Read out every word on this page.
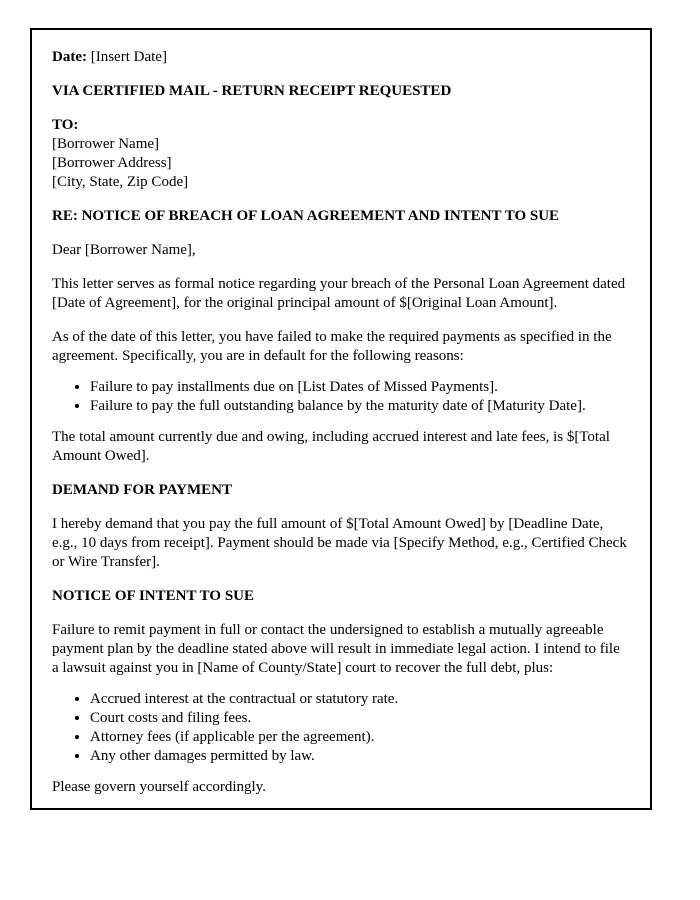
Date: [Insert Date]

VIA CERTIFIED MAIL - RETURN RECEIPT REQUESTED

TO:
[Borrower Name]
[Borrower Address]
[City, State, Zip Code]

RE: NOTICE OF BREACH OF LOAN AGREEMENT AND INTENT TO SUE

Dear [Borrower Name],

This letter serves as formal notice regarding your breach of the Personal Loan Agreement dated [Date of Agreement], for the original principal amount of $[Original Loan Amount].

As of the date of this letter, you have failed to make the required payments as specified in the agreement. Specifically, you are in default for the following reasons:

• Failure to pay installments due on [List Dates of Missed Payments].
• Failure to pay the full outstanding balance by the maturity date of [Maturity Date].

The total amount currently due and owing, including accrued interest and late fees, is $[Total Amount Owed].

DEMAND FOR PAYMENT

I hereby demand that you pay the full amount of $[Total Amount Owed] by [Deadline Date, e.g., 10 days from receipt]. Payment should be made via [Specify Method, e.g., Certified Check or Wire Transfer].

NOTICE OF INTENT TO SUE

Failure to remit payment in full or contact the undersigned to establish a mutually agreeable payment plan by the deadline stated above will result in immediate legal action. I intend to file a lawsuit against you in [Name of County/State] court to recover the full debt, plus:

• Accrued interest at the contractual or statutory rate.
• Court costs and filing fees.
• Attorney fees (if applicable per the agreement).
• Any other damages permitted by law.

Please govern yourself accordingly.
